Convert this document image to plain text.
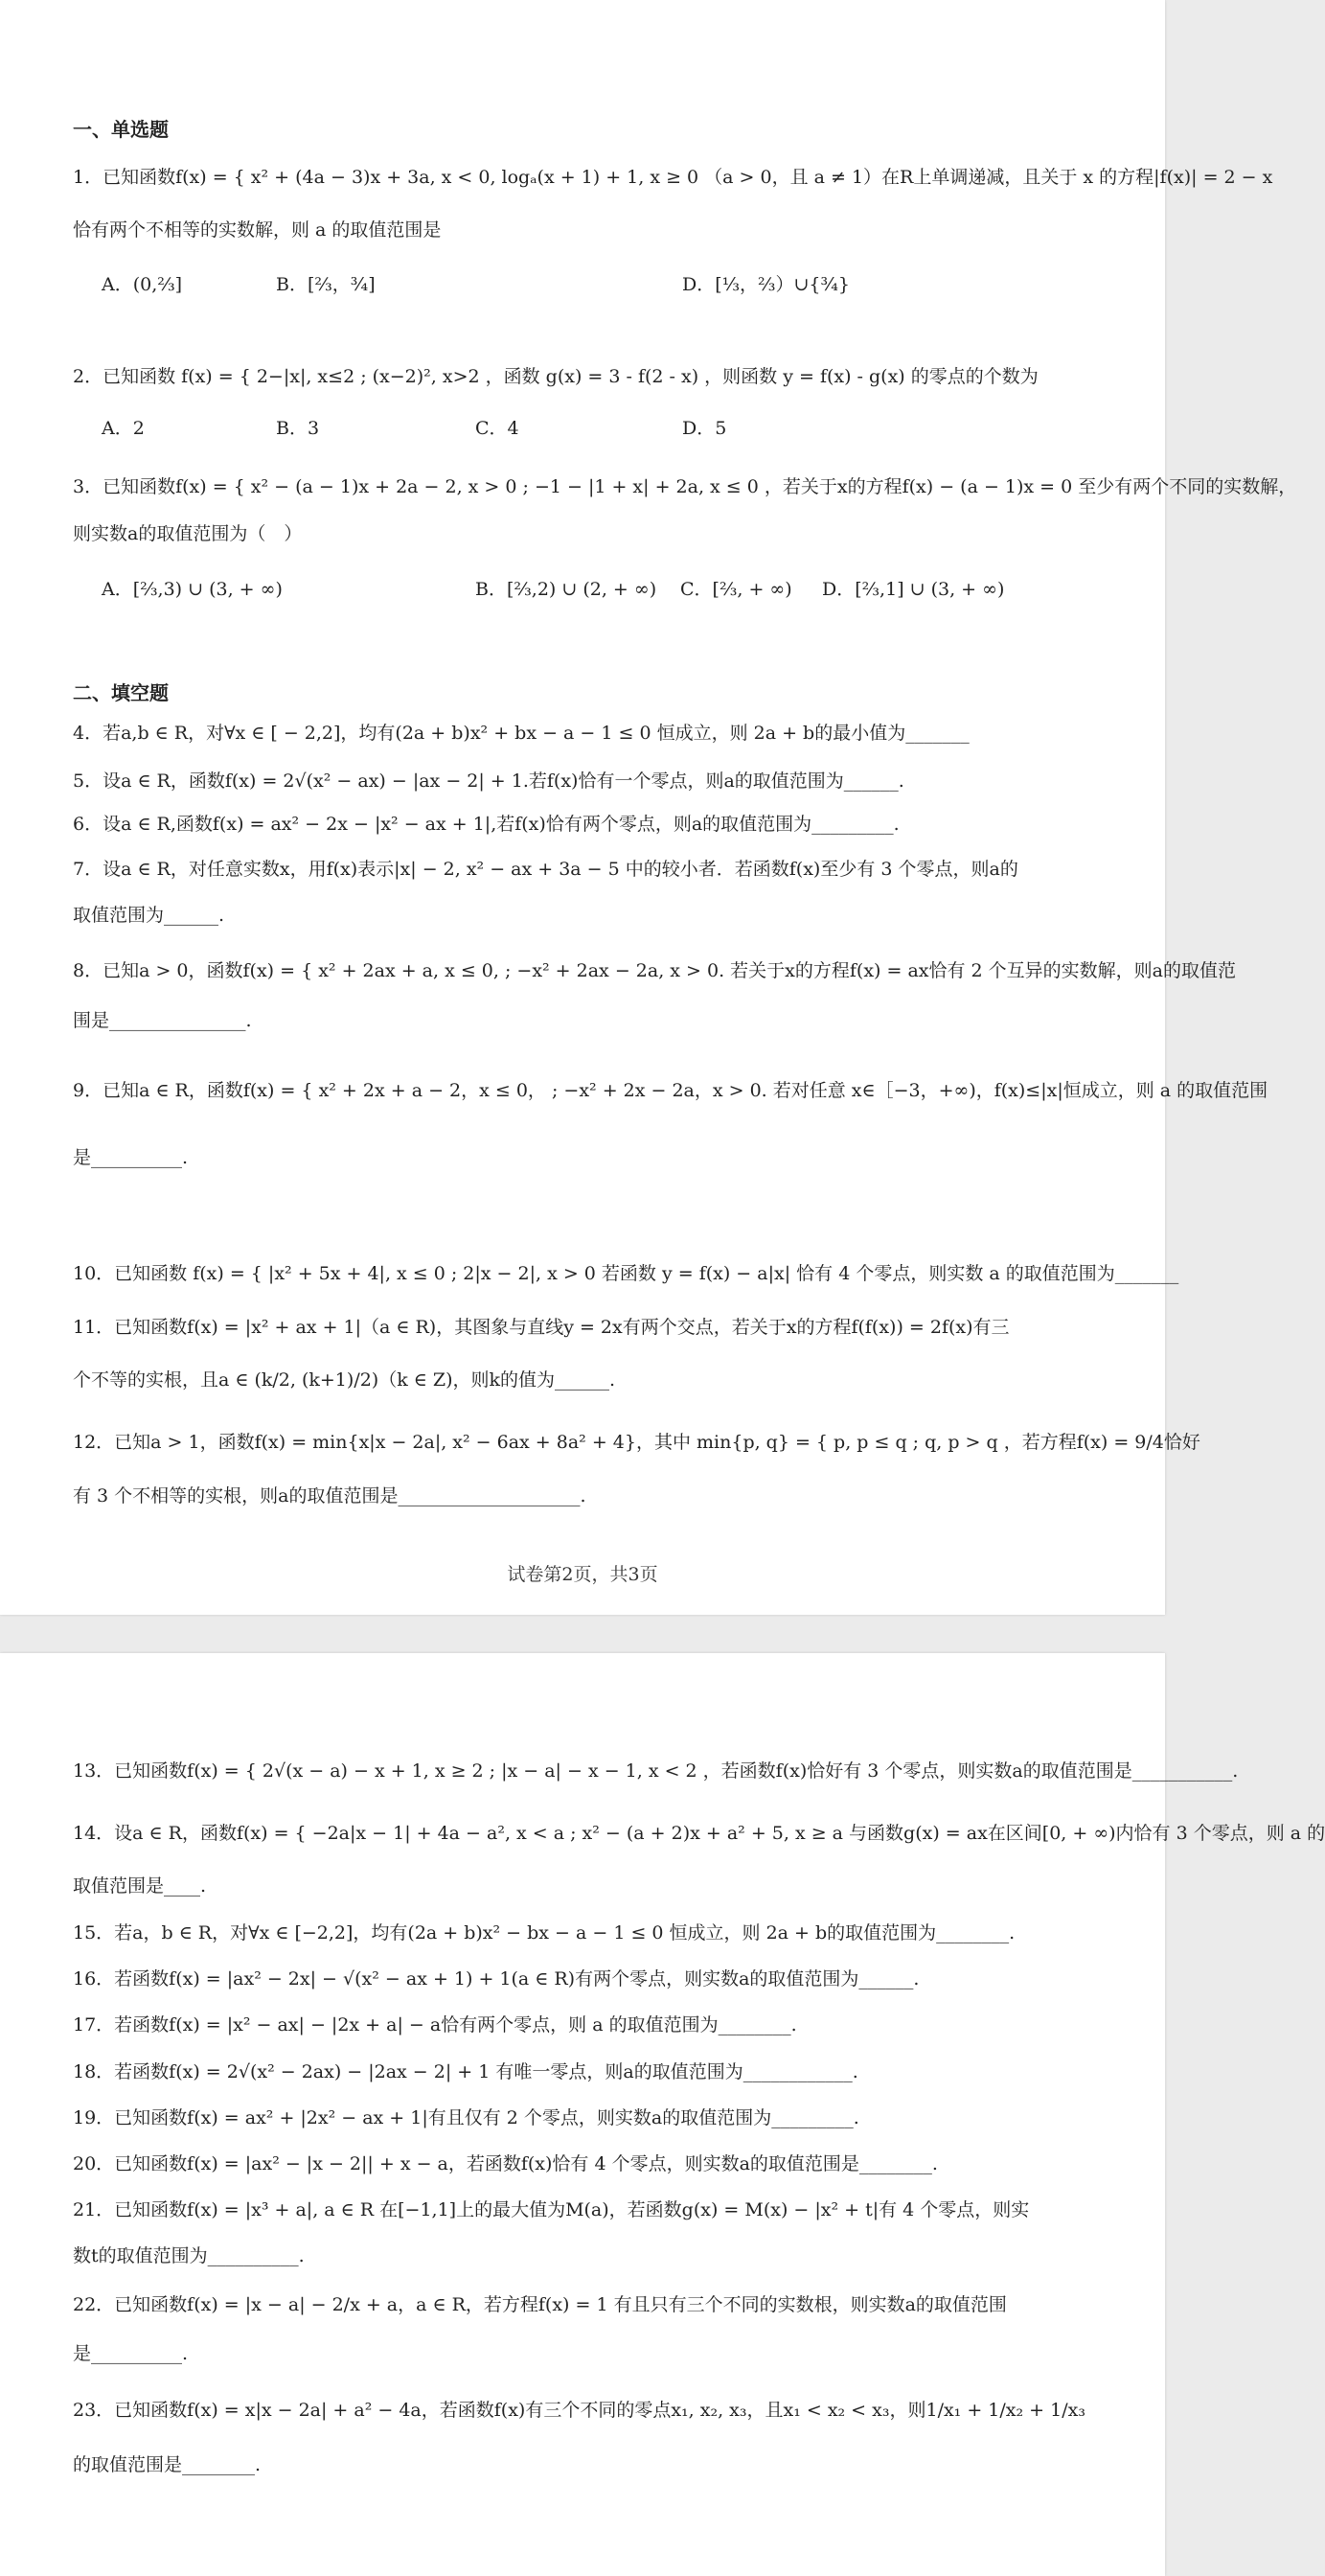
一、单选题
1．已知函数f(x) = { x² + (4a − 3)x + 3a, x < 0, logₐ(x + 1) + 1, x ≥ 0 （a > 0，且 a ≠ 1）在R上单调递减，且关于 x 的方程|f(x)| = 2 − x
恰有两个不相等的实数解，则 a 的取值范围是
A．(0,⅔]	B．[⅔，¾]	D．[⅓，⅔）∪{¾}
2．已知函数 f(x) = { 2−|x|, x≤2 ; (x−2)², x>2 ，函数 g(x) = 3 - f(2 - x) ，则函数 y = f(x) - g(x) 的零点的个数为
A．2	B．3	C．4	D．5
3．已知函数f(x) = { x² − (a − 1)x + 2a − 2, x > 0 ; −1 − |1 + x| + 2a, x ≤ 0 ，若关于x的方程f(x) − (a − 1)x = 0 至少有两个不同的实数解，
则实数a的取值范围为（　）
A．[⅔,3) ∪ (3, + ∞)	B．[⅔,2) ∪ (2, + ∞) C．[⅔, + ∞) D．[⅔,1] ∪ (3, + ∞)
二、填空题
4．若a,b ∈ R，对∀x ∈ [ − 2,2]，均有(2a + b)x² + bx − a − 1 ≤ 0 恒成立，则 2a + b的最小值为_______
5．设a ∈ R，函数f(x) = 2√(x² − ax) − |ax − 2| + 1.若f(x)恰有一个零点，则a的取值范围为______.
6．设a ∈ R,函数f(x) = ax² − 2x − |x² − ax + 1|,若f(x)恰有两个零点，则a的取值范围为_________.
7．设a ∈ R，对任意实数x，用f(x)表示|x| − 2, x² − ax + 3a − 5 中的较小者．若函数f(x)至少有 3 个零点，则a的
取值范围为______.
8．已知a > 0，函数f(x) = { x² + 2ax + a, x ≤ 0, ; −x² + 2ax − 2a, x > 0. 若关于x的方程f(x) = ax恰有 2 个互异的实数解，则a的取值范
围是_______________.
9．已知a ∈ R，函数f(x) = { x² + 2x + a − 2，x ≤ 0， ; −x² + 2x − 2a，x > 0. 若对任意 x∈［−3，+∞)，f(x)≤|x|恒成立，则 a 的取值范围
是__________.
10．已知函数 f(x) = { |x² + 5x + 4|, x ≤ 0 ; 2|x − 2|, x > 0 若函数 y = f(x) − a|x| 恰有 4 个零点，则实数 a 的取值范围为_______
11．已知函数f(x) = |x² + ax + 1|（a ∈ R)，其图象与直线y = 2x有两个交点，若关于x的方程f(f(x)) = 2f(x)有三
个不等的实根，且a ∈ (k/2, (k+1)/2)（k ∈ Z)，则k的值为______.
12．已知a > 1，函数f(x) = min{x|x − 2a|, x² − 6ax + 8a² + 4}，其中 min{p, q} = { p, p ≤ q ; q, p > q ，若方程f(x) = 9/4恰好
有 3 个不相等的实根，则a的取值范围是____________________.
试卷第2页，共3页
13．已知函数f(x) = { 2√(x − a) − x + 1, x ≥ 2 ; |x − a| − x − 1, x < 2 ，若函数f(x)恰好有 3 个零点，则实数a的取值范围是___________.
14．设a ∈ R，函数f(x) = { −2a|x − 1| + 4a − a², x < a ; x² − (a + 2)x + a² + 5, x ≥ a 与函数g(x) = ax在区间[0, + ∞)内恰有 3 个零点，则 a 的
取值范围是____.
15．若a，b ∈ R，对∀x ∈ [−2,2]，均有(2a + b)x² − bx − a − 1 ≤ 0 恒成立，则 2a + b的取值范围为________.
16．若函数f(x) = |ax² − 2x| − √(x² − ax + 1) + 1(a ∈ R)有两个零点，则实数a的取值范围为______.
17．若函数f(x) = |x² − ax| − |2x + a| − a恰有两个零点，则 a 的取值范围为________.
18．若函数f(x) = 2√(x² − 2ax) − |2ax − 2| + 1 有唯一零点，则a的取值范围为____________.
19．已知函数f(x) = ax² + |2x² − ax + 1|有且仅有 2 个零点，则实数a的取值范围为_________.
20．已知函数f(x) = |ax² − |x − 2|| + x − a，若函数f(x)恰有 4 个零点，则实数a的取值范围是________.
21．已知函数f(x) = |x³ + a|, a ∈ R 在[−1,1]上的最大值为M(a)，若函数g(x) = M(x) − |x² + t|有 4 个零点，则实
数t的取值范围为__________.
22．已知函数f(x) = |x − a| − 2/x + a，a ∈ R，若方程f(x) = 1 有且只有三个不同的实数根，则实数a的取值范围
是__________.
23．已知函数f(x) = x|x − 2a| + a² − 4a，若函数f(x)有三个不同的零点x₁, x₂, x₃，且x₁ < x₂ < x₃，则1/x₁ + 1/x₂ + 1/x₃
的取值范围是________.
